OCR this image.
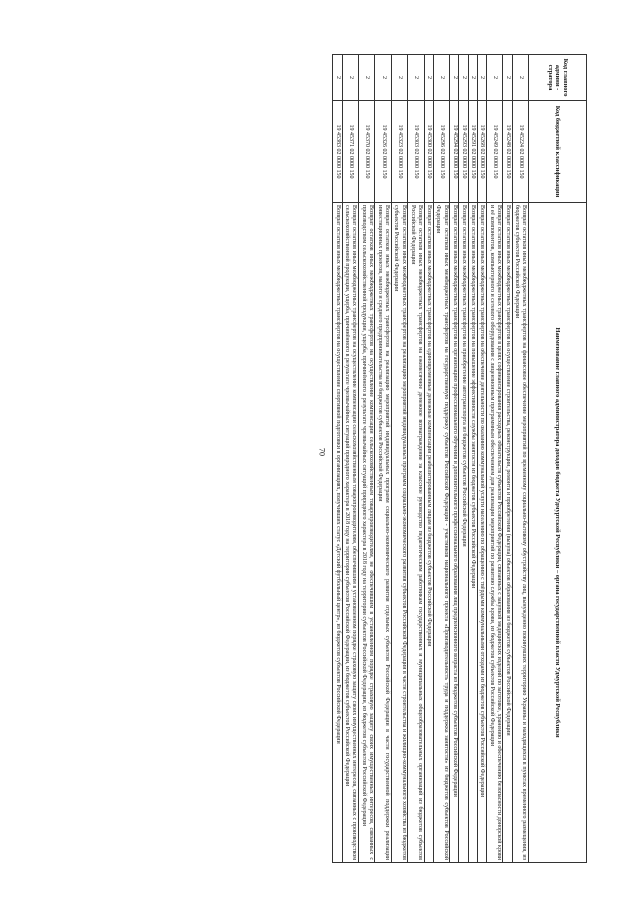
70
Код главного админи - стратора	Код бюджетной классификации	Наименование главного администратора доходов бюджета Удмуртской Республики – органа государственной власти Удмуртской Республики
2	19 45224 02 0000 150	Возврат остатков иных межбюджетных трансфертов на финансовое обеспечение мероприятий по временному социально-бытовому обустройству лиц, вынужденно покинувших территорию Украины и находящихся в пунктах временного размещения, из бюджетов субъектов Российской Федерации
2	19 45248 02 0000 150	Возврат остатков иных межбюджетных трансфертов на осуществление строительства, реконструкции, ремонта и приобретения (выкупа) объектов образования из бюджетов субъектов Российской Федерации
2	19 45249 02 0000 150	Возврат остатков иных межбюджетных трансфертов в целях софинансирования расходных обязательств субъектов Российской Федерации, связанных с закупкой медицинских изделий по заготовке, хранению и обеспечению безопасности донорской крови и её компонентов, компьютерного и сетевого оборудования с лицензионным программным обеспечением для реализации мероприятий по развитию службы крови, из бюджетов субъектов Российской Федерации
2	19 45268 02 0000 150	Возврат остатков иных межбюджетных трансфертов на обеспечение деятельности по оказанию коммунальной услуги населению по обращению с твёрдыми коммунальными отходами из бюджетов субъектов Российской Федерации
2	19 45291 02 0000 150	Возврат остатков иных межбюджетных трансфертов на повышение эффективности службы занятости из бюджетов субъектов Российской Федерации
2	19 45293 02 0000 150	Возврат остатков иных межбюджетных трансфертов на приобретение автотранспорта из бюджетов субъектов Российской Федерации
2	19 45294 02 0000 150	Возврат остатков иных межбюджетных трансфертов на организацию профессионального обучения и дополнительного профессионального образования лиц предпенсионного возраста из бюджетов субъектов Российской Федерации
2	19 45296 02 0000 150	Возврат остатков иных межбюджетных трансфертов на государственную поддержку субъектов Российской Федерации - участников национального проекта «Производительность труда и поддержка занятости» из бюджетов субъектов Российской Федерации
2	19 45300 02 0000 150	Возврат остатков иных межбюджетных трансфертов на единовременные денежные компенсации реабилитированным лицам из бюджетов субъектов Российской Федерации
2	19 45303 02 0000 150	Возврат остатков иных межбюджетных трансфертов на ежемесячное денежное вознаграждение за классное руководство педагогическим работникам государственных и муниципальных общеобразовательных организаций из бюджетов субъектов Российской Федерации
2	19 45323 02 0000 150	Возврат остатков иных межбюджетных трансфертов на реализацию мероприятий индивидуальных программ социально-экономического развития субъектов Российской Федерации в части строительства и жилищно-коммунального хозяйства из бюджетов субъектов Российской Федерации
2	19 45326 02 0000 150	Возврат остатков иных межбюджетных трансфертов на реализацию мероприятий индивидуальных программ социально-экономического развития отдельных субъектов Российской Федерации в части государственной поддержки реализации инвестиционных проектов, малого и среднего предпринимательства из бюджетов субъектов Российской Федерации
2	19 45370 02 0000 150	Возврат остатков иных межбюджетных трансфертов на осуществление компенсации сельскохозяйственным товаропроизводителям, не обеспечившим в установленном порядке страховую защиту своих имущественных интересов, связанных с производством сельскохозяйственной продукции, ущерба, причинённого в результате чрезвычайных ситуаций природного характера в 2018 году на территории субъектов Российской Федерации, из бюджетов субъектов Российской Федерации
2	19 45371 02 0000 150	Возврат остатков иных межбюджетных трансфертов на осуществление компенсации сельскохозяйственным товаропроизводителям, обеспечившим в установленном порядке страховую защиту своих имущественных интересов, связанных с производством сельскохозяйственной продукции, ущерба, причинённого в результате чрезвычайных ситуаций природного характера в 2018 году на территории субъектов Российской Федерации, из бюджетов субъектов Российской Федерации
2	19 45383 02 0000 150	Возврат остатков иных межбюджетных трансфертов на осуществление спортивной подготовки в организациях, получивших статус «Детский футбольный центр», из бюджетов субъектов Российской Федерации
